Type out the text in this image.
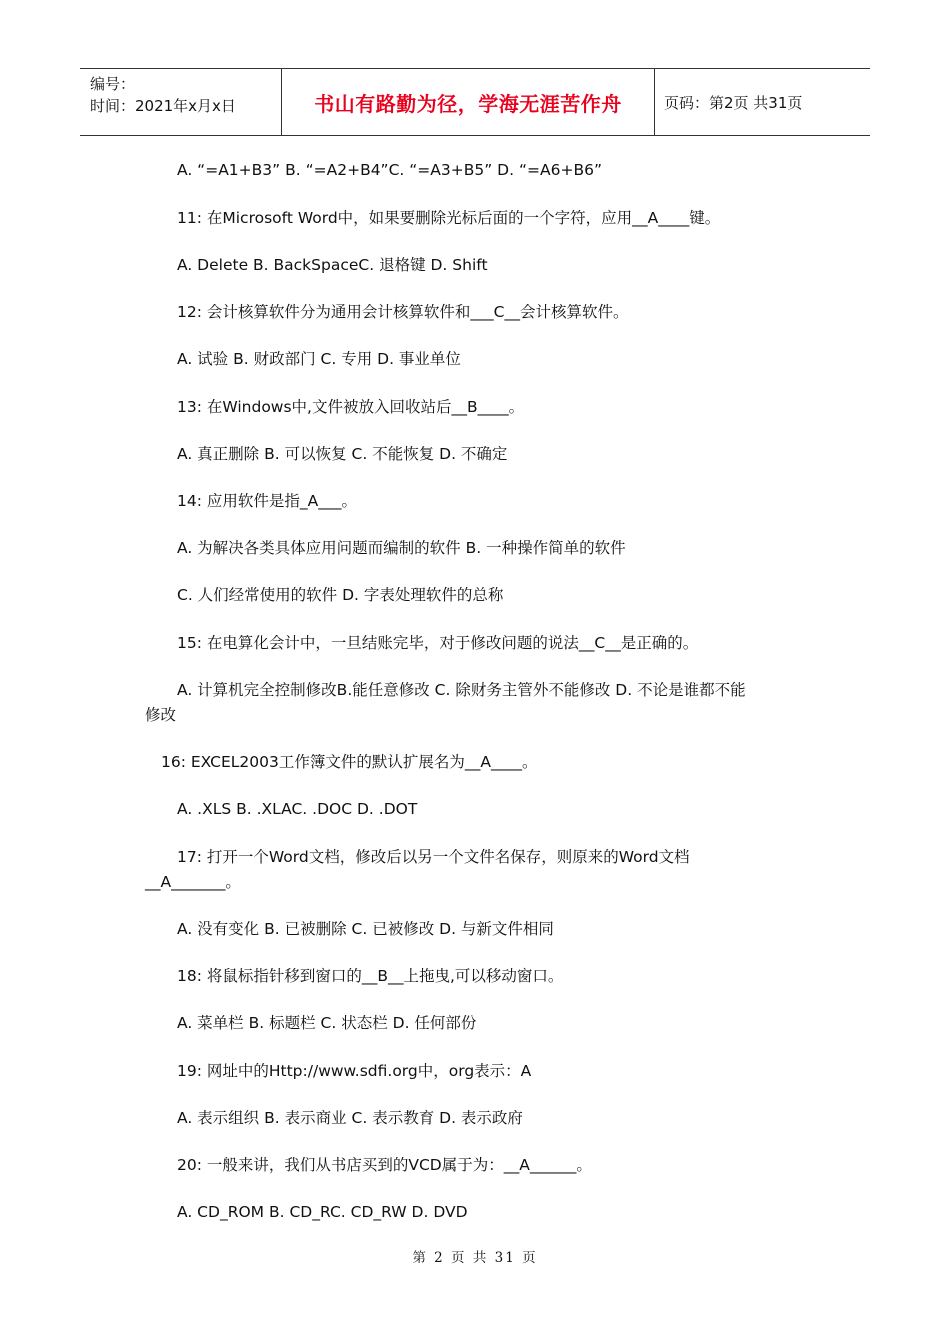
编号：
时间：2021年x月x日	书山有路勤为径，学海无涯苦作舟	页码：第2页 共31页
A. “=A1+B3” B. “=A2+B4”C. “=A3+B5” D. “=A6+B6”
11: 在Microsoft Word中，如果要删除光标后面的一个字符，应用__A____键。
A. Delete B. BackSpaceC. 退格键 D. Shift
12: 会计核算软件分为通用会计核算软件和___C__会计核算软件。
A. 试验 B. 财政部门 C. 专用 D. 事业单位
13: 在Windows中,文件被放入回收站后__B____。
A. 真正删除 B. 可以恢复 C. 不能恢复 D. 不确定
14: 应用软件是指_A___。
A. 为解决各类具体应用问题而编制的软件 B. 一种操作简单的软件
C. 人们经常使用的软件 D. 字表处理软件的总称
15: 在电算化会计中，一旦结账完毕，对于修改问题的说法__C__是正确的。
A. 计算机完全控制修改B.能任意修改 C. 除财务主管外不能修改 D. 不论是谁都不能
修改
16: EXCEL2003工作簿文件的默认扩展名为__A____。
A. .XLS B. .XLAC. .DOC D. .DOT
17: 打开一个Word文档，修改后以另一个文件名保存，则原来的Word文档
__A_______。
A. 没有变化 B. 已被删除 C. 已被修改 D. 与新文件相同
18: 将鼠标指针移到窗口的__B__上拖曳,可以移动窗口。
A. 菜单栏 B. 标题栏 C. 状态栏 D. 任何部份
19: 网址中的Http://www.sdfi.org中，org表示：A
A. 表示组织 B. 表示商业 C. 表示教育 D. 表示政府
20: 一般来讲，我们从书店买到的VCD属于为：__A______。
A. CD_ROM B. CD_RC. CD_RW D. DVD
第 2 页 共 31 页
